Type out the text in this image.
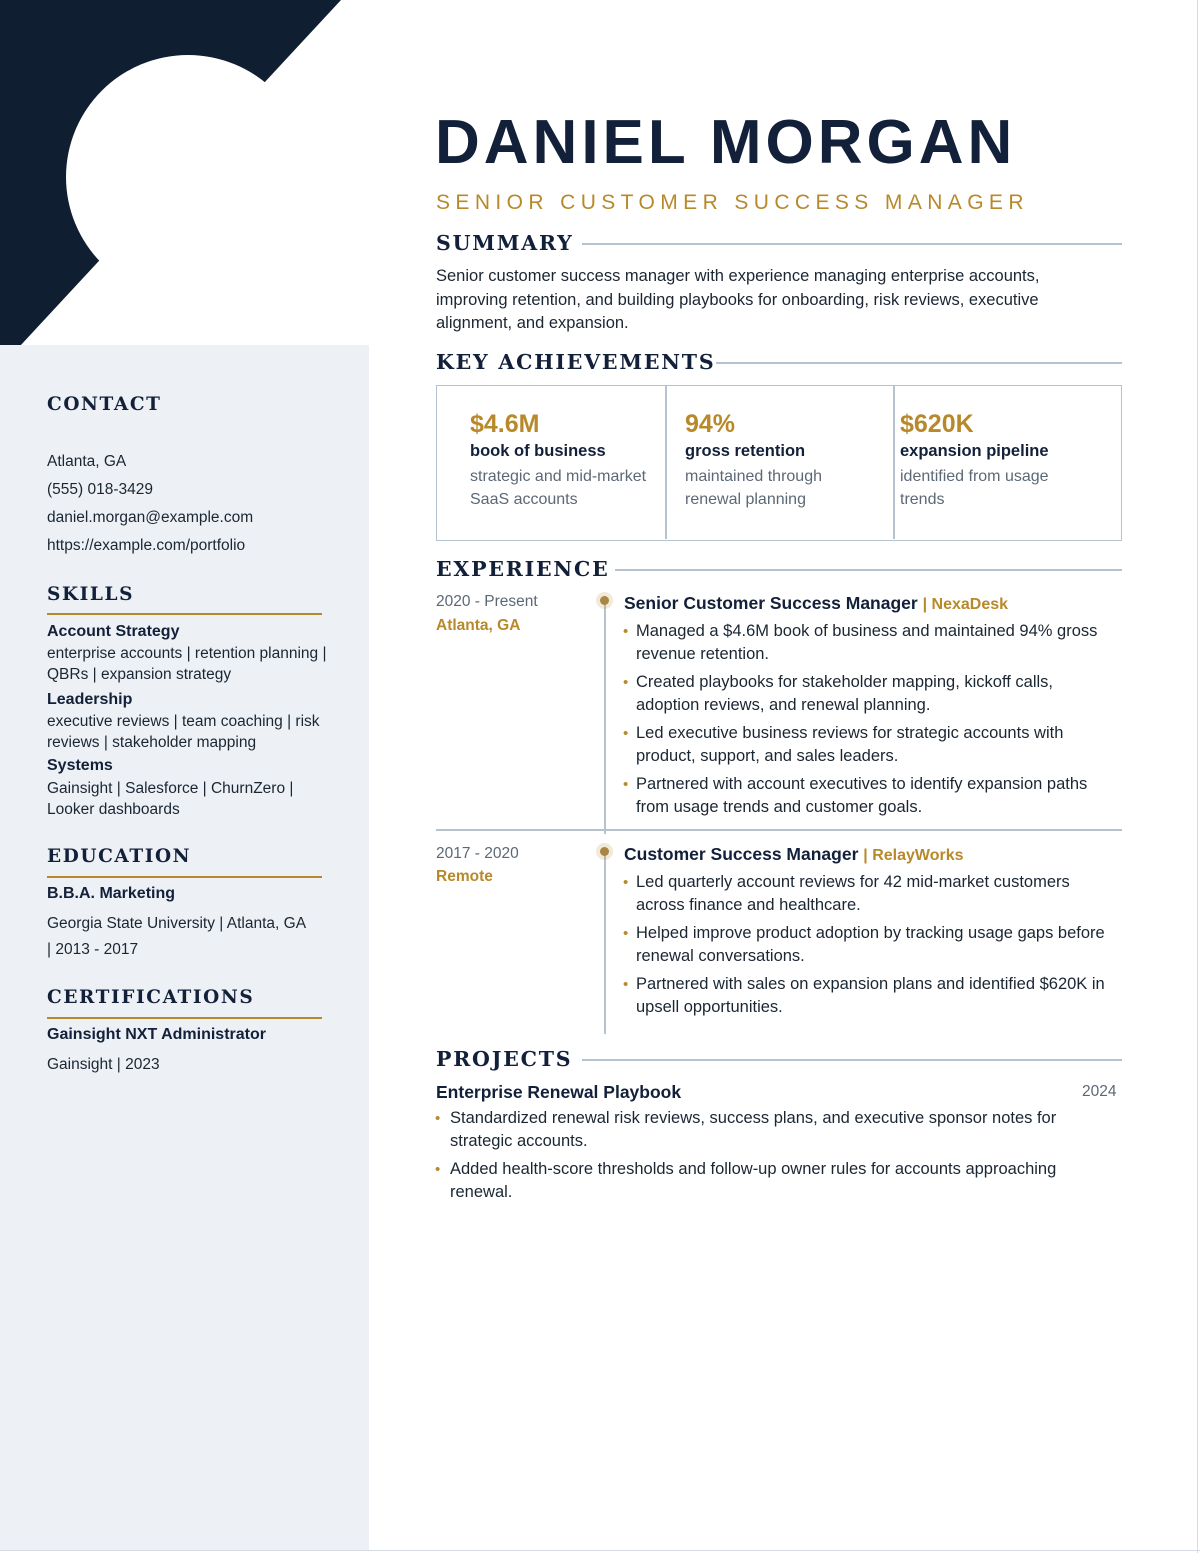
CONTACT
Atlanta, GA
(555) 018-3429
daniel.morgan@example.com
https://example.com/portfolio
SKILLS
Account Strategy
enterprise accounts | retention planning | QBRs | expansion strategy
Leadership
executive reviews | team coaching | risk reviews | stakeholder mapping
Systems
Gainsight | Salesforce | ChurnZero | Looker dashboards
EDUCATION
B.B.A. Marketing
Georgia State University | Atlanta, GA
| 2013 - 2017
CERTIFICATIONS
Gainsight NXT Administrator
Gainsight | 2023
DANIEL MORGAN
SENIOR CUSTOMER SUCCESS MANAGER
SUMMARY
Senior customer success manager with experience managing enterprise accounts, improving retention, and building playbooks for onboarding, risk reviews, executive alignment, and expansion.
KEY ACHIEVEMENTS
$4.6M
book of business
strategic and mid-market SaaS accounts
94%
gross retention
maintained through renewal planning
$620K
expansion pipeline
identified from usage trends
EXPERIENCE
2020 - Present
Atlanta, GA
Senior Customer Success Manager | NexaDesk
• Managed a $4.6M book of business and maintained 94% gross revenue retention.
• Created playbooks for stakeholder mapping, kickoff calls, adoption reviews, and renewal planning.
• Led executive business reviews for strategic accounts with product, support, and sales leaders.
• Partnered with account executives to identify expansion paths from usage trends and customer goals.
2017 - 2020
Remote
Customer Success Manager | RelayWorks
• Led quarterly account reviews for 42 mid-market customers across finance and healthcare.
• Helped improve product adoption by tracking usage gaps before renewal conversations.
• Partnered with sales on expansion plans and identified $620K in upsell opportunities.
PROJECTS
Enterprise Renewal Playbook	2024
• Standardized renewal risk reviews, success plans, and executive sponsor notes for strategic accounts.
• Added health-score thresholds and follow-up owner rules for accounts approaching renewal.
